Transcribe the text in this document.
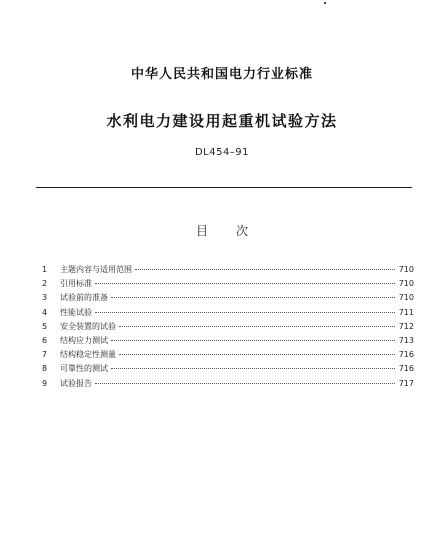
中华人民共和国电力行业标准
水利电力建设用起重机试验方法
DL454–91
目 次
1	主题内容与适用范围	710
2	引用标准	710
3	试验前的准备	710
4	性能试验	711
5	安全装置的试验	712
6	结构应力测试	713
7	结构稳定性测量	716
8	可靠性的测试	716
9	试验报告	717
